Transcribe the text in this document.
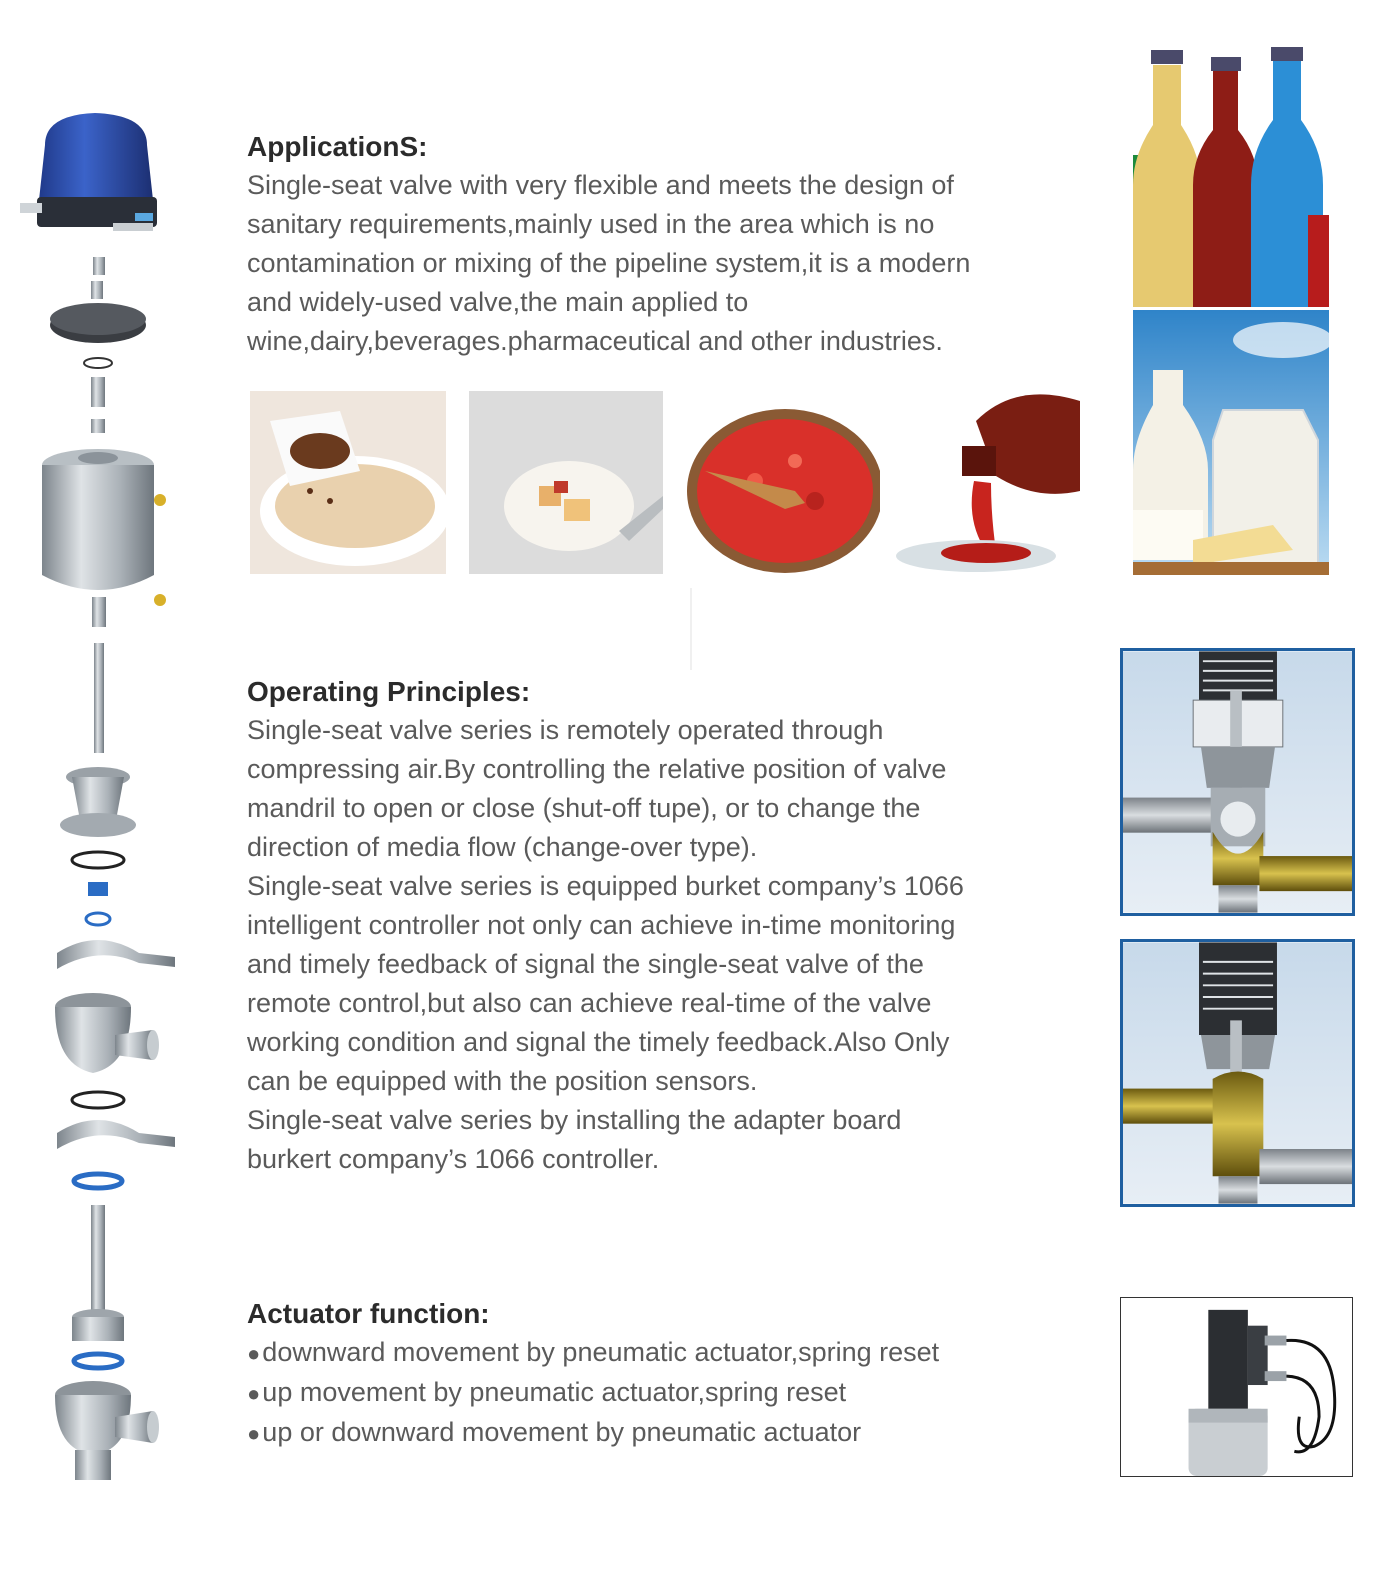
ApplicationS:

Single-seat valve with very flexible and meets the design of

sanitary requirements,mainly used in the area which is no

contamination or mixing of the pipeline system,it is a modern

and widely-used valve,the main applied to

wine,dairy,beverages.pharmaceutical and other industries.

Operating Principles:

Single-seat valve series is remotely operated through

compressing air.By controlling the relative position of valve

mandril to open or close (shut-off tupe), or to change the

direction of media flow (change-over type).

Single-seat valve series is equipped burket company’s 1066

intelligent controller not only can achieve in-time monitoring

and timely feedback of signal the single-seat valve of the

remote control,but also can achieve real-time of the valve

working condition and signal the timely feedback.Also Only

can be equipped with the position sensors.

Single-seat valve series by installing the adapter board

burkert company’s 1066 controller.

Actuator function:
● downward movement by pneumatic actuator,spring reset
● up movement by pneumatic actuator,spring reset
● up or downward movement by pneumatic actuator
